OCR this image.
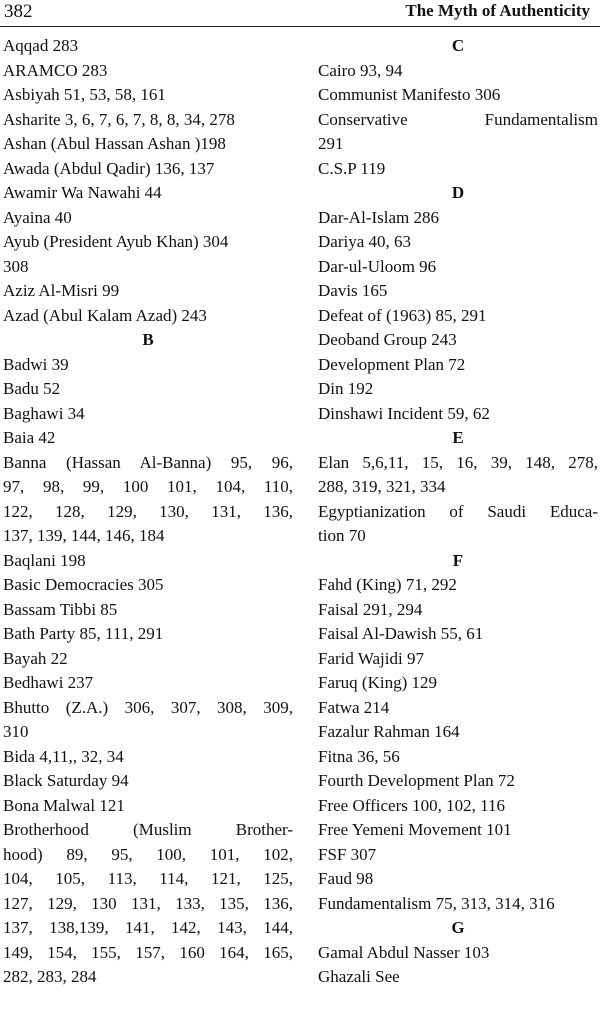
382	The Myth of Authenticity
Aqqad 283
ARAMCO 283
Asbiyah 51, 53, 58, 161
Asharite 3, 6, 7, 6, 7, 8, 8, 34, 278
Ashan (Abul Hassan Ashan )198
Awada (Abdul Qadir) 136, 137
Awamir Wa Nawahi 44
Ayaina 40
Ayub (President Ayub Khan) 304
308
Aziz Al-Misri 99
Azad (Abul Kalam Azad) 243
B
Badwi 39
Badu 52
Baghawi 34
Baia 42
Banna (Hassan Al-Banna) 95, 96,
97, 98, 99, 100 101, 104, 110,
122, 128, 129, 130, 131, 136,
137, 139, 144, 146, 184
Baqlani 198
Basic Democracies 305
Bassam Tibbi 85
Bath Party 85, 111, 291
Bayah 22
Bedhawi 237
Bhutto (Z.A.) 306, 307, 308, 309,
310
Bida 4,11,, 32, 34
Black Saturday 94
Bona Malwal 121
Brotherhood (Muslim Brother-
hood) 89, 95, 100, 101, 102,
104, 105, 113, 114, 121, 125,
127, 129, 130 131, 133, 135, 136,
137, 138,139, 141, 142, 143, 144,
149, 154, 155, 157, 160 164, 165,
282, 283, 284
C
Cairo 93, 94
Communist Manifesto 306
Conservative Fundamentalism
291
C.S.P 119
D
Dar-Al-Islam 286
Dariya 40, 63
Dar-ul-Uloom 96
Davis 165
Defeat of (1963) 85, 291
Deoband Group 243
Development Plan 72
Din 192
Dinshawi Incident 59, 62
E
Elan 5,6,11, 15, 16, 39, 148, 278,
288, 319, 321, 334
Egyptianization of Saudi Educa-
tion 70
F
Fahd (King) 71, 292
Faisal 291, 294
Faisal Al-Dawish 55, 61
Farid Wajidi 97
Faruq (King) 129
Fatwa 214
Fazalur Rahman 164
Fitna 36, 56
Fourth Development Plan 72
Free Officers 100, 102, 116
Free Yemeni Movement 101
FSF 307
Faud 98
Fundamentalism 75, 313, 314, 316
G
Gamal Abdul Nasser 103
Ghazali See
